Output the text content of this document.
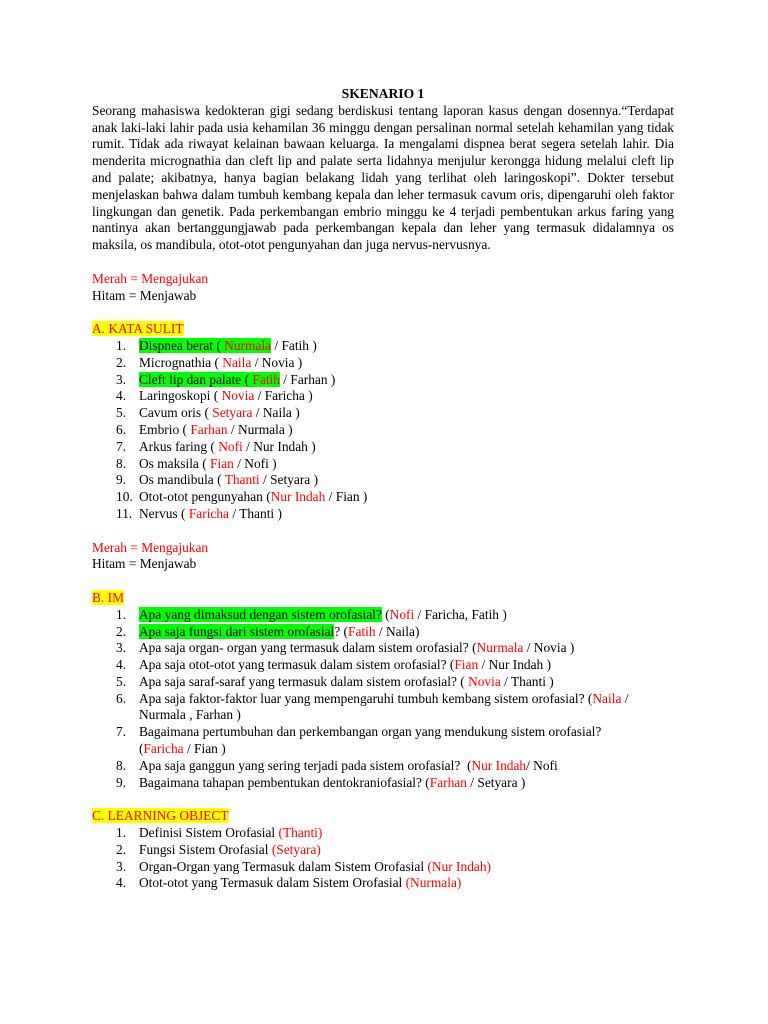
SKENARIO 1

Seorang mahasiswa kedokteran gigi sedang berdiskusi tentang laporan kasus dengan dosennya.“Terdapat anak laki-laki lahir pada usia kehamilan 36 minggu dengan persalinan normal setelah kehamilan yang tidak rumit. Tidak ada riwayat kelainan bawaan keluarga. Ia mengalami dispnea berat segera setelah lahir. Dia menderita micrognathia dan cleft lip and palate serta lidahnya menjulur kerongga hidung melalui cleft lip and palate; akibatnya, hanya bagian belakang lidah yang terlihat oleh laringoskopi”. Dokter tersebut menjelaskan bahwa dalam tumbuh kembang kepala dan leher termasuk cavum oris, dipengaruhi oleh faktor lingkungan dan genetik. Pada perkembangan embrio minggu ke 4 terjadi pembentukan arkus faring yang nantinya akan bertanggungjawab pada perkembangan kepala dan leher yang termasuk didalamnya os maksila, os mandibula, otot-otot pengunyahan dan juga nervus-nervusnya.

Merah = Mengajukan

Hitam = Menjawab

A. KATA SULIT

1. Dispnea berat ( Nurmala / Fatih )
2. Micrognathia ( Naila / Novia )
3. Cleft lip dan palate ( Fatih / Farhan )
4. Laringoskopi ( Novia / Faricha )
5. Cavum oris ( Setyara / Naila )
6. Embrio ( Farhan / Nurmala )
7. Arkus faring ( Nofi / Nur Indah )
8. Os maksila ( Fian / Nofi )
9. Os mandibula ( Thanti / Setyara )
10. Otot-otot pengunyahan (Nur Indah / Fian )
11. Nervus ( Faricha / Thanti )

Merah = Mengajukan

Hitam = Menjawab

B. IM

1. Apa yang dimaksud dengan sistem orofasial? (Nofi / Faricha, Fatih )
2. Apa saja fungsi dari sistem orofasial? (Fatih / Naila)
3. Apa saja organ- organ yang termasuk dalam sistem orofasial? (Nurmala / Novia )
4. Apa saja otot-otot yang termasuk dalam sistem orofasial? (Fian / Nur Indah )
5. Apa saja saraf-saraf yang termasuk dalam sistem orofasial? ( Novia / Thanti )
6. Apa saja faktor-faktor luar yang mempengaruhi tumbuh kembang sistem orofasial? (Naila / Nurmala , Farhan )
7. Bagaimana pertumbuhan dan perkembangan organ yang mendukung sistem orofasial?          (Faricha / Fian )
8. Apa saja ganggun yang sering terjadi pada sistem orofasial?  (Nur Indah/ Nofi
9. Bagaimana tahapan pembentukan dentokraniofasial? (Farhan / Setyara )

C. LEARNING OBJECT

1. Definisi Sistem Orofasial (Thanti)
2. Fungsi Sistem Orofasial (Setyara)
3. Organ-Organ yang Termasuk dalam Sistem Orofasial (Nur Indah)
4. Otot-otot yang Termasuk dalam Sistem Orofasial (Nurmala)
